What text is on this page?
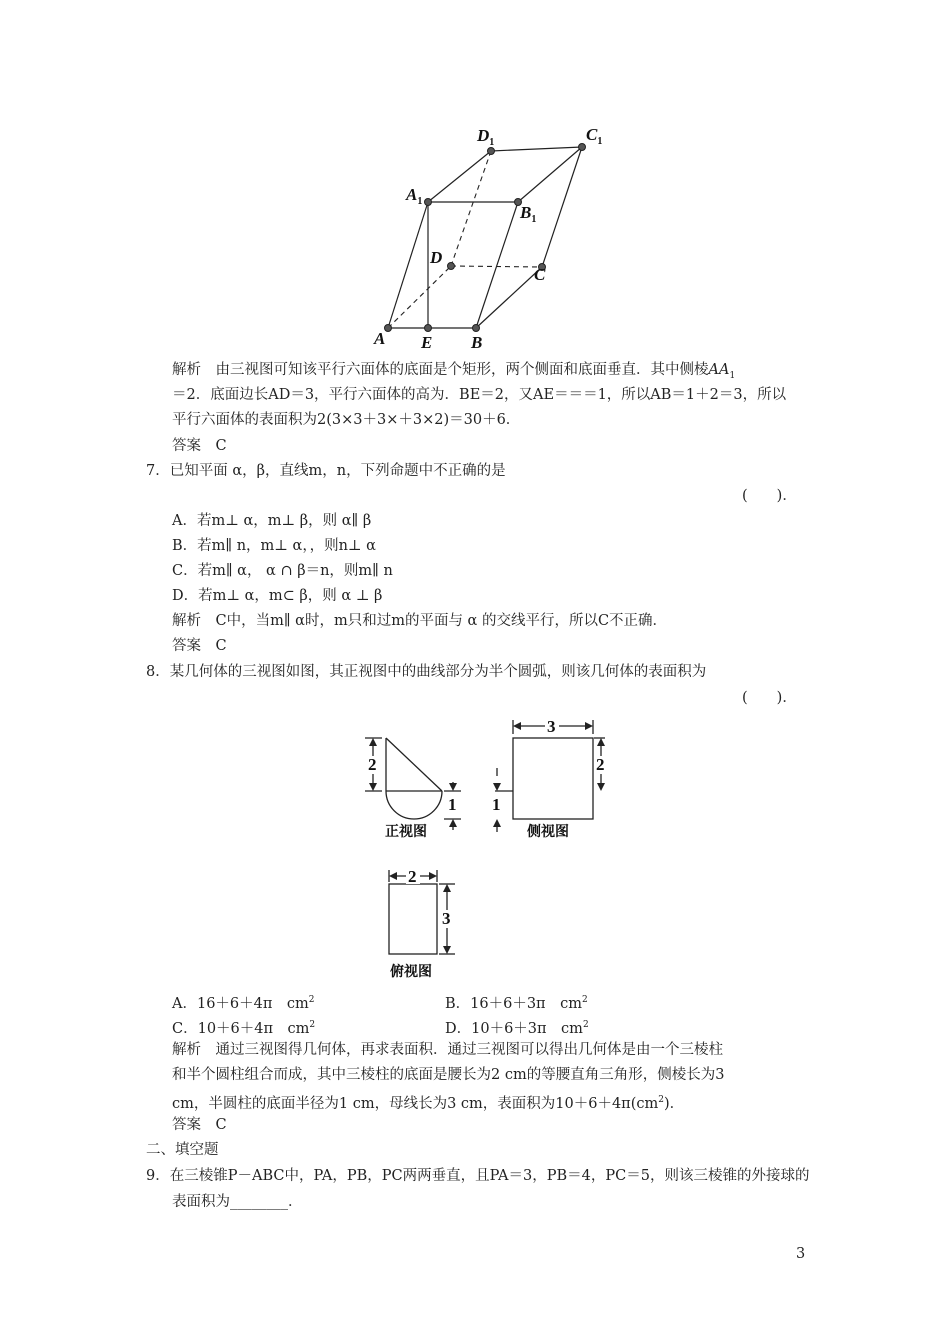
$D_1$	$C_1$
$A_1$
$B_1$
D
C
A E B
解析　 由三视图可知该平行六面体的底面是个矩形，两个侧面和底面垂直．其中侧棱$AA_1$
＝2．底面边长AD＝3，平行六面体的高为．BE＝2，又AE＝＝＝1，所以AB＝1＋2＝3，所以
平行六面体的表面积为2(3×3＋3×＋3×2)＝30＋6．
答案　 C
7．已知平面 α，β，直线m，n，下列命题中不正确的是
(　　)．
A．若m⊥ α，m⊥ β，则 α∥ β
B．若m∥ n，m⊥ α，，则n⊥ α
C．若m∥ α， α ∩ β＝n，则m∥ n
D．若m⊥ α，m⊂ β，则 α ⊥ β
解析　 C中，当m∥ α时，m只和过m的平面与 α 的交线平行，所以C不正确．
答案　 C
8．某几何体的三视图如图，其正视图中的曲线部分为半个圆弧，则该几何体的表面积为
(　　)．
2
1
3
2
1
2
3
正视图	侧视图
俯视图
A．16＋6＋4π　$cm^2$	B．16＋6＋3π　$cm^2$
C．10＋6＋4π　$cm^2$	D．10＋6＋3π　$cm^2$
解析　 通过三视图得几何体，再求表面积．通过三视图可以得出几何体是由一个三棱柱
和半个圆柱组合而成，其中三棱柱的底面是腰长为2 cm的等腰直角三角形，侧棱长为3
cm，半圆柱的底面半径为1 cm，母线长为3 cm，表面积为$10+6+4\pi(cm^2)$．
答案　 C
二、填空题
9．在三棱锥P－ABC中，PA，PB，PC两两垂直，且PA＝3，PB＝4，PC＝5，则该三棱锥的外接球的
表面积为________．
3
